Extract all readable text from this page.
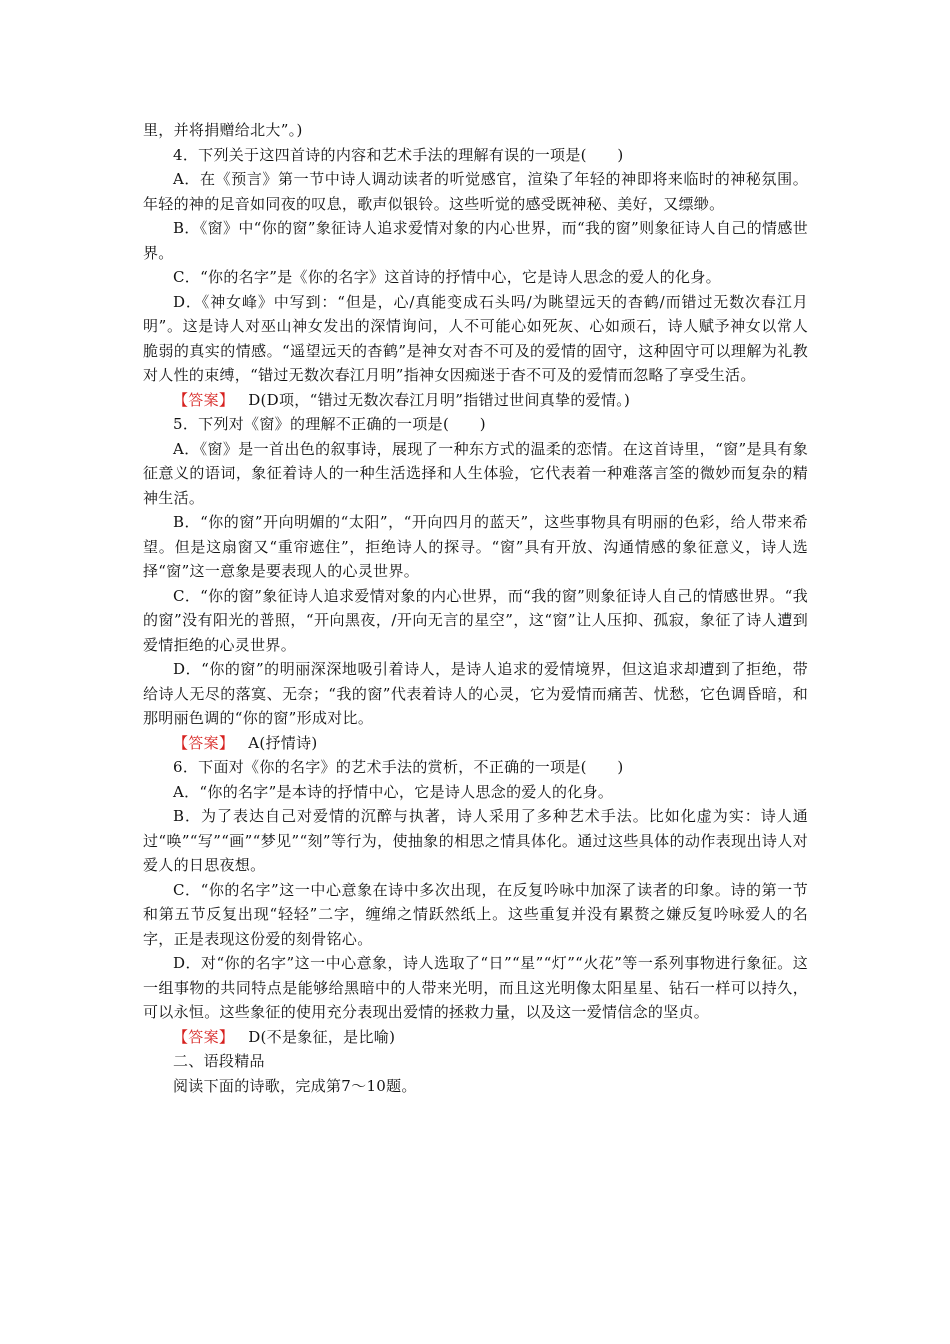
里，并将捐赠给北大”。)

4．下列关于这四首诗的内容和艺术手法的理解有误的一项是(　　)

A．在《预言》第一节中诗人调动读者的听觉感官，渲染了年轻的神即将来临时的神秘氛围。年轻的神的足音如同夜的叹息，歌声似银铃。这些听觉的感受既神秘、美好，又缥缈。

B．《窗》中“你的窗”象征诗人追求爱情对象的内心世界，而“我的窗”则象征诗人自己的情感世界。

C．“你的名字”是《你的名字》这首诗的抒情中心，它是诗人思念的爱人的化身。

D．《神女峰》中写到：“但是，心/真能变成石头吗/为眺望远天的杳鹤/而错过无数次春江月明”。这是诗人对巫山神女发出的深情询问，人不可能心如死灰、心如顽石，诗人赋予神女以常人脆弱的真实的情感。“遥望远天的杳鹤”是神女对杳不可及的爱情的固守，这种固守可以理解为礼教对人性的束缚，“错过无数次春江月明”指神女因痴迷于杳不可及的爱情而忽略了享受生活。

【答案】 D(D项，“错过无数次春江月明”指错过世间真挚的爱情。)

5．下列对《窗》的理解不正确的一项是(　　)

A．《窗》是一首出色的叙事诗，展现了一种东方式的温柔的恋情。在这首诗里，“窗”是具有象征意义的语词，象征着诗人的一种生活选择和人生体验，它代表着一种难落言筌的微妙而复杂的精神生活。

B．“你的窗”开向明媚的“太阳”，“开向四月的蓝天”，这些事物具有明丽的色彩，给人带来希望。但是这扇窗又“重帘遮住”，拒绝诗人的探寻。“窗”具有开放、沟通情感的象征意义，诗人选择“窗”这一意象是要表现人的心灵世界。

C．“你的窗”象征诗人追求爱情对象的内心世界，而“我的窗”则象征诗人自己的情感世界。“我的窗”没有阳光的普照，“开向黑夜，/开向无言的星空”，这“窗”让人压抑、孤寂，象征了诗人遭到爱情拒绝的心灵世界。

D．“你的窗”的明丽深深地吸引着诗人，是诗人追求的爱情境界，但这追求却遭到了拒绝，带给诗人无尽的落寞、无奈；“我的窗”代表着诗人的心灵，它为爱情而痛苦、忧愁，它色调昏暗，和那明丽色调的“你的窗”形成对比。

【答案】 A(抒情诗)

6．下面对《你的名字》的艺术手法的赏析，不正确的一项是(　　)

A．“你的名字”是本诗的抒情中心，它是诗人思念的爱人的化身。

B．为了表达自己对爱情的沉醉与执著，诗人采用了多种艺术手法。比如化虚为实：诗人通过“唤”“写”“画”“梦见”“刻”等行为，使抽象的相思之情具体化。通过这些具体的动作表现出诗人对爱人的日思夜想。

C．“你的名字”这一中心意象在诗中多次出现，在反复吟咏中加深了读者的印象。诗的第一节和第五节反复出现“轻轻”二字，缠绵之情跃然纸上。这些重复并没有累赘之嫌反复吟咏爱人的名字，正是表现这份爱的刻骨铭心。

D．对“你的名字”这一中心意象，诗人选取了“日”“星”“灯”“火花”等一系列事物进行象征。这一组事物的共同特点是能够给黑暗中的人带来光明，而且这光明像太阳星星、钻石一样可以持久，可以永恒。这些象征的使用充分表现出爱情的拯救力量，以及这一爱情信念的坚贞。

【答案】 D(不是象征，是比喻)

二、语段精品

阅读下面的诗歌，完成第7～10题。
